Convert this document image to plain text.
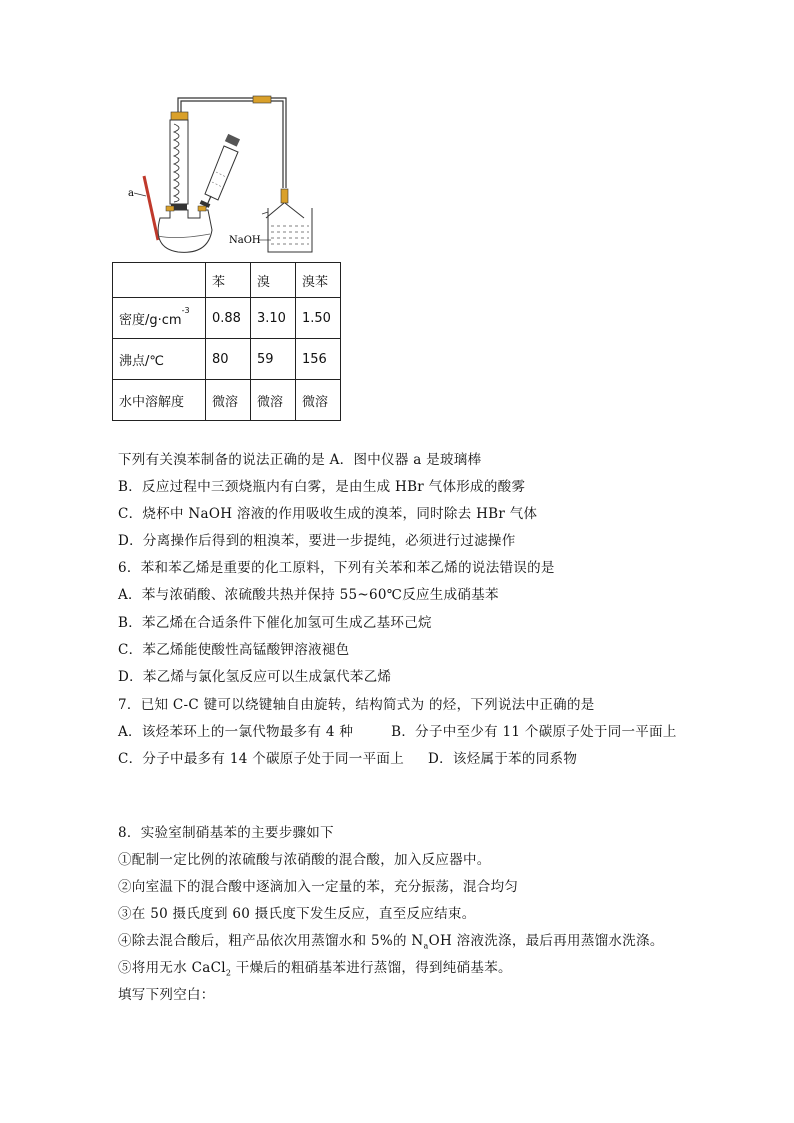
a
NaOH
	苯	溴	溴苯
密度$/g\cdot cm^{-3}$	0.88	3.10	1.50
沸点/℃	80	59	156
水中溶解度	微溶	微溶	微溶
下列有关溴苯制备的说法正确的是 A．图中仪器 a 是玻璃棒
B．反应过程中三颈烧瓶内有白雾，是由生成 HBr 气体形成的酸雾
C．烧杯中 NaOH 溶液的作用吸收生成的溴苯，同时除去 HBr 气体
D．分离操作后得到的粗溴苯，要进一步提纯，必须进行过滤操作
6．苯和苯乙烯是重要的化工原料，下列有关苯和苯乙烯的说法错误的是
A．苯与浓硝酸、浓硫酸共热并保持 55~60℃反应生成硝基苯
B．苯乙烯在合适条件下催化加氢可生成乙基环己烷
C．苯乙烯能使酸性高锰酸钾溶液褪色
D．苯乙烯与氯化氢反应可以生成氯代苯乙烯
7．已知 C-C 键可以绕键轴自由旋转，结构简式为 的烃，下列说法中正确的是
A．该烃苯环上的一氯代物最多有 4 种	B．分子中至少有 11 个碳原子处于同一平面上
C．分子中最多有 14 个碳原子处于同一平面上 D．该烃属于苯的同系物
8．实验室制硝基苯的主要步骤如下
①配制一定比例的浓硫酸与浓硝酸的混合酸，加入反应器中。
②向室温下的混合酸中逐滴加入一定量的苯，充分振荡，混合均匀
③在 50 摄氏度到 60 摄氏度下发生反应，直至反应结束。
④除去混合酸后，粗产品依次用蒸馏水和 5%的 $N_aOH$ 溶液洗涤，最后再用蒸馏水洗涤。
⑤将用无水 CaCl$_2$ 干燥后的粗硝基苯进行蒸馏，得到纯硝基苯。
填写下列空白：
